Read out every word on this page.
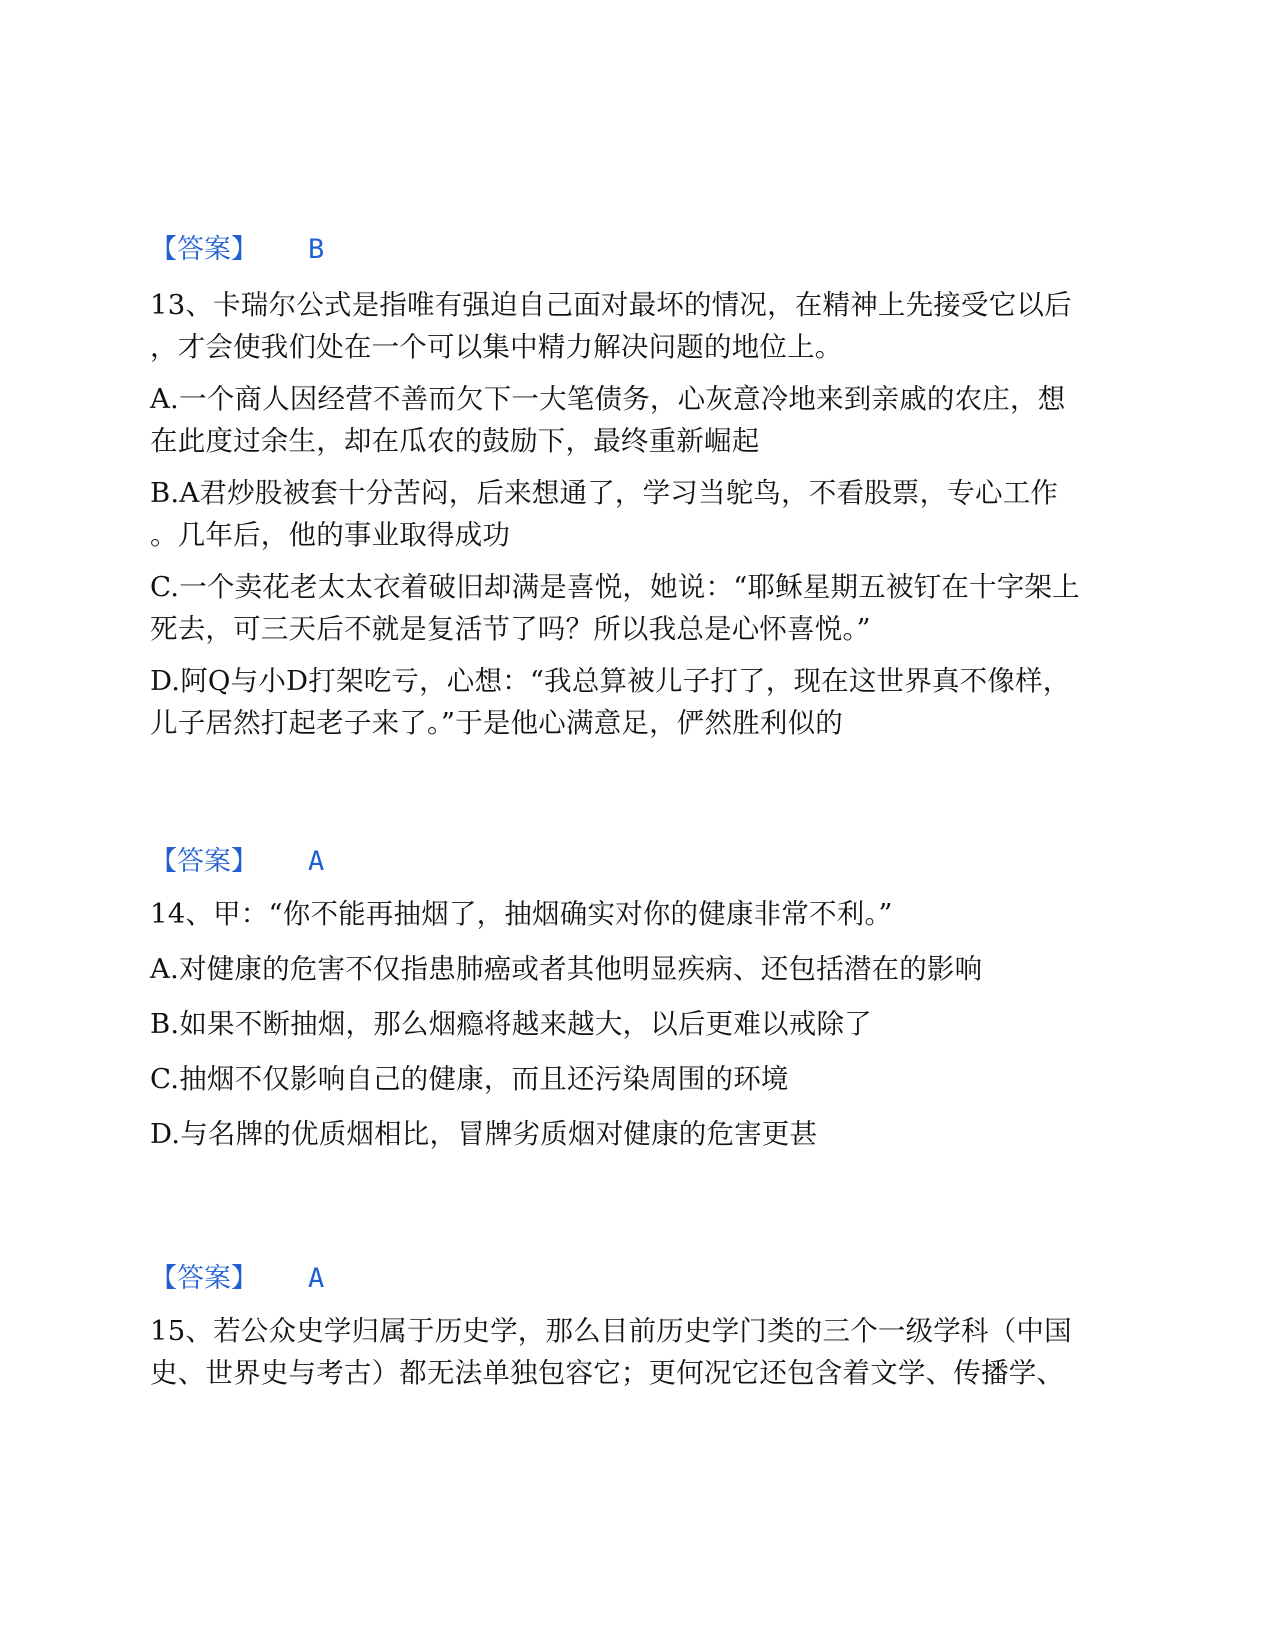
【答案】 B

13、卡瑞尔公式是指唯有强迫自己面对最坏的情况，在精神上先接受它以后

，才会使我们处在一个可以集中精力解决问题的地位上。

A.一个商人因经营不善而欠下一大笔债务，心灰意冷地来到亲戚的农庄，想

在此度过余生，却在瓜农的鼓励下，最终重新崛起

B.A君炒股被套十分苦闷，后来想通了，学习当鸵鸟，不看股票，专心工作

。几年后，他的事业取得成功

C.一个卖花老太太衣着破旧却满是喜悦，她说：“耶稣星期五被钉在十字架上

死去，可三天后不就是复活节了吗？所以我总是心怀喜悦。”

D.阿Q与小D打架吃亏，心想：“我总算被儿子打了，现在这世界真不像样，

儿子居然打起老子来了。”于是他心满意足，俨然胜利似的

【答案】 A

14、甲：“你不能再抽烟了，抽烟确实对你的健康非常不利。”

A.对健康的危害不仅指患肺癌或者其他明显疾病、还包括潜在的影响

B.如果不断抽烟，那么烟瘾将越来越大，以后更难以戒除了

C.抽烟不仅影响自己的健康，而且还污染周围的环境

D.与名牌的优质烟相比，冒牌劣质烟对健康的危害更甚

【答案】 A

15、若公众史学归属于历史学，那么目前历史学门类的三个一级学科（中国

史、世界史与考古）都无法单独包容它；更何况它还包含着文学、传播学、
